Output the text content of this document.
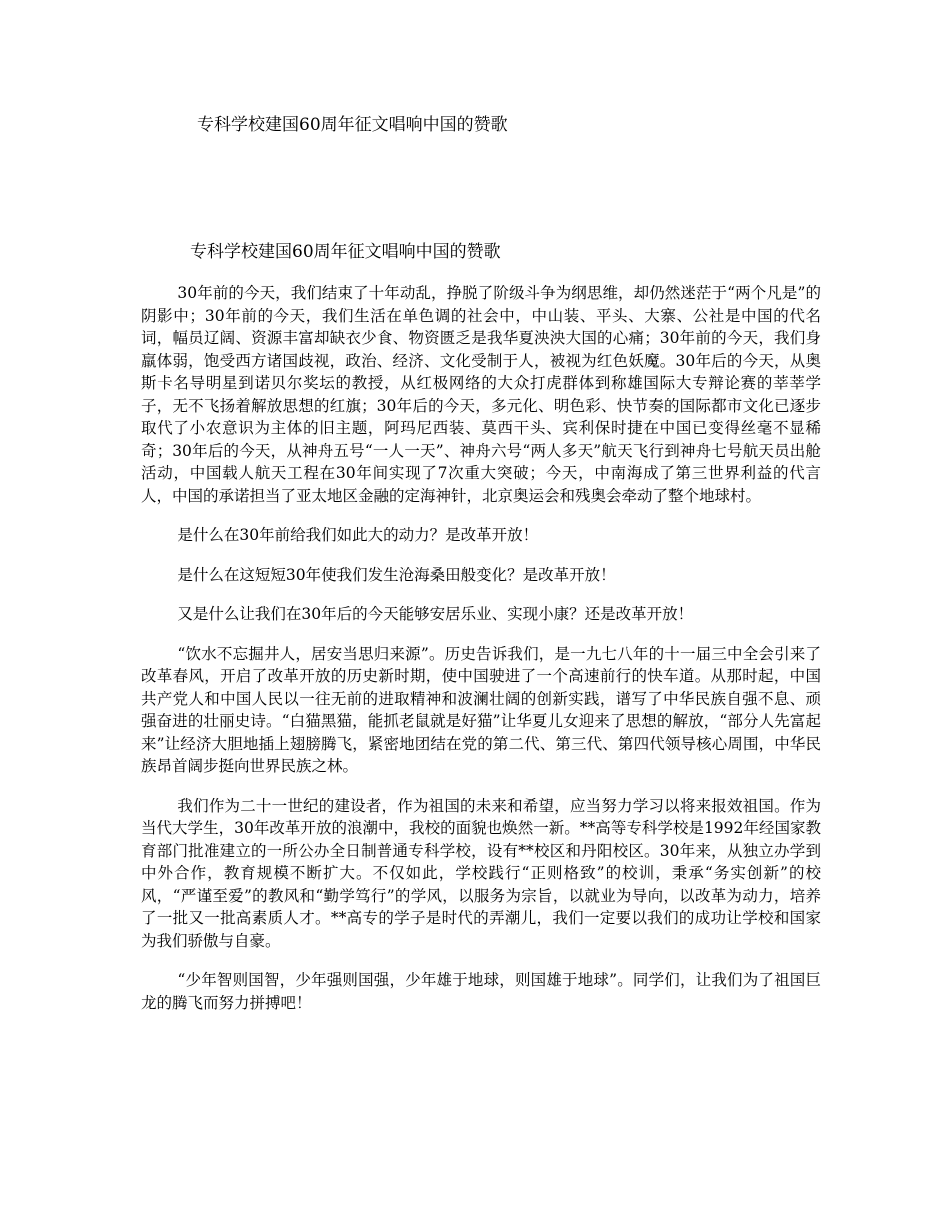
专科学校建国60周年征文唱响中国的赞歌
专科学校建国60周年征文唱响中国的赞歌

30年前的今天，我们结束了十年动乱，挣脱了阶级斗争为纲思维，却仍然迷茫于“两个凡是”的阴影中；30年前的今天，我们生活在单色调的社会中，中山装、平头、大寨、公社是中国的代名词，幅员辽阔、资源丰富却缺衣少食、物资匮乏是我华夏泱泱大国的心痛；30年前的今天，我们身羸体弱，饱受西方诸国歧视，政治、经济、文化受制于人，被视为红色妖魔。30年后的今天，从奥斯卡名导明星到诺贝尔奖坛的教授，从红极网络的大众打虎群体到称雄国际大专辩论赛的莘莘学子，无不飞扬着解放思想的红旗；30年后的今天，多元化、明色彩、快节奏的国际都市文化已逐步取代了小农意识为主体的旧主题，阿玛尼西装、莫西干头、宾利保时捷在中国已变得丝毫不显稀奇；30年后的今天，从神舟五号“一人一天”、神舟六号“两人多天”航天飞行到神舟七号航天员出舱活动，中国载人航天工程在30年间实现了7次重大突破；今天，中南海成了第三世界利益的代言人，中国的承诺担当了亚太地区金融的定海神针，北京奥运会和残奥会牵动了整个地球村。

是什么在30年前给我们如此大的动力？是改革开放！

是什么在这短短30年使我们发生沧海桑田般变化？是改革开放！

又是什么让我们在30年后的今天能够安居乐业、实现小康？还是改革开放！

“饮水不忘掘井人，居安当思归来源”。历史告诉我们，是一九七八年的十一届三中全会引来了改革春风，开启了改革开放的历史新时期，使中国驶进了一个高速前行的快车道。从那时起，中国共产党人和中国人民以一往无前的进取精神和波澜壮阔的创新实践，谱写了中华民族自强不息、顽强奋进的壮丽史诗。“白猫黑猫，能抓老鼠就是好猫”让华夏儿女迎来了思想的解放，“部分人先富起来”让经济大胆地插上翅膀腾飞，紧密地团结在党的第二代、第三代、第四代领导核心周围，中华民族昂首阔步挺向世界民族之林。

我们作为二十一世纪的建设者，作为祖国的未来和希望，应当努力学习以将来报效祖国。作为当代大学生，30年改革开放的浪潮中，我校的面貌也焕然一新。**高等专科学校是1992年经国家教育部门批准建立的一所公办全日制普通专科学校，设有**校区和丹阳校区。30年来，从独立办学到中外合作，教育规模不断扩大。不仅如此，学校践行“正则格致”的校训，秉承“务实创新”的校风，“严谨至爱”的教风和“勤学笃行”的学风，以服务为宗旨，以就业为导向，以改革为动力，培养了一批又一批高素质人才。**高专的学子是时代的弄潮儿，我们一定要以我们的成功让学校和国家为我们骄傲与自豪。

“少年智则国智，少年强则国强，少年雄于地球，则国雄于地球”。同学们，让我们为了祖国巨龙的腾飞而努力拼搏吧！
